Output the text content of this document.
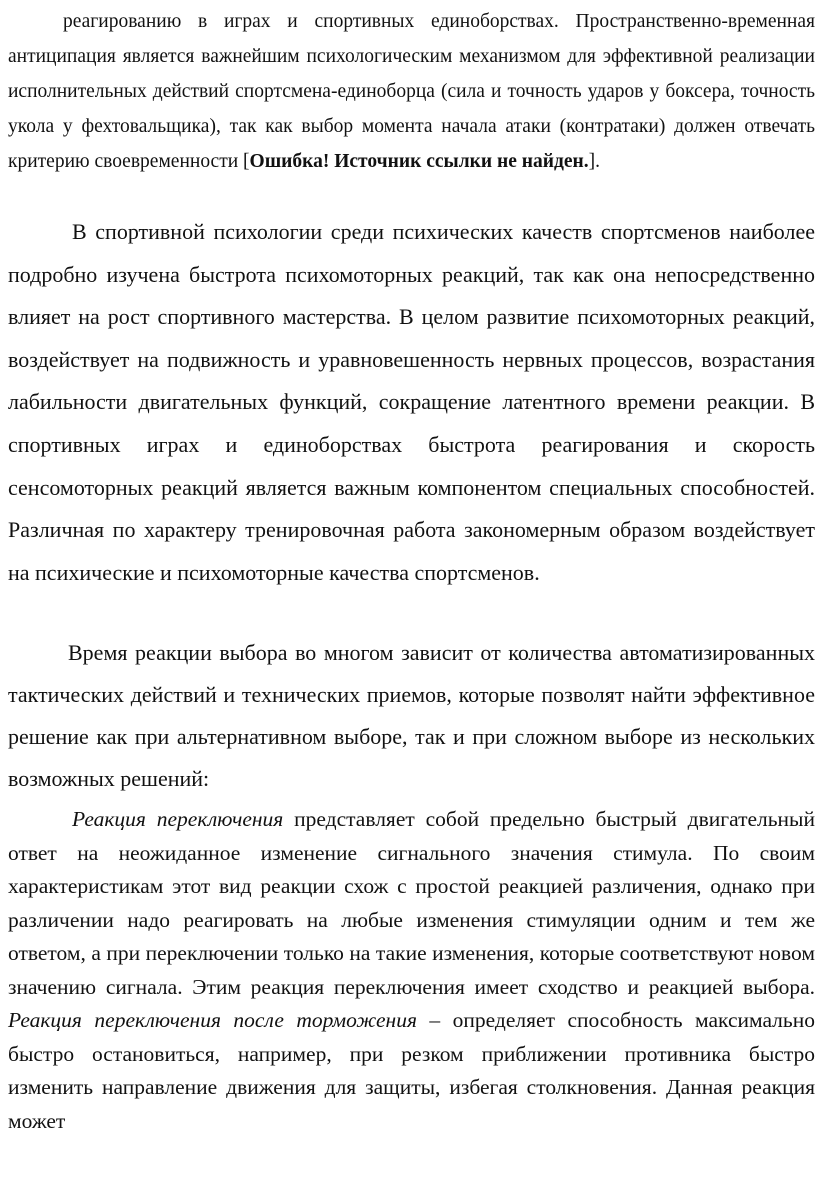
реагированию в играх и спортивных единоборствах. Пространственно-временная антиципация является важнейшим психологическим механизмом для эффективной реализации исполнительных действий спортсмена-единоборца (сила и точность ударов у боксера, точность укола у фехтовальщика), так как выбор момента начала атаки (контратаки) должен отвечать критерию своевременности [Ошибка! Источник ссылки не найден.].

В спортивной психологии среди психических качеств спортсменов наиболее подробно изучена быстрота психомоторных реакций, так как она непосредственно влияет на рост спортивного мастерства. В целом развитие психомоторных реакций, воздействует на подвижность и уравновешенность нервных процессов, возрастания лабильности двигательных функций, сокращение латентного времени реакции. В спортивных играх и единоборствах быстрота реагирования и скорость сенсомоторных реакций является важным компонентом специальных способностей. Различная по характеру тренировочная работа закономерным образом воздействует на психические и психомоторные качества спортсменов.

Время реакции выбора во многом зависит от количества автоматизированных тактических действий и технических приемов, которые позволят найти эффективное решение как при альтернативном выборе, так и при сложном выборе из нескольких возможных решений:

Реакция переключения представляет собой предельно быстрый двигательный ответ на неожиданное изменение сигнального значения стимула. По своим характеристикам этот вид реакции схож с простой реакцией различения, однако при различении надо реагировать на любые изменения стимуляции одним и тем же ответом, а при переключении только на такие изменения, которые соответствуют новом значению сигнала. Этим реакция переключения имеет сходство и реакцией выбора. Реакция переключения после торможения – определяет способность максимально быстро остановиться, например, при резком приближении противника быстро изменить направление движения для защиты, избегая столкновения. Данная реакция может
